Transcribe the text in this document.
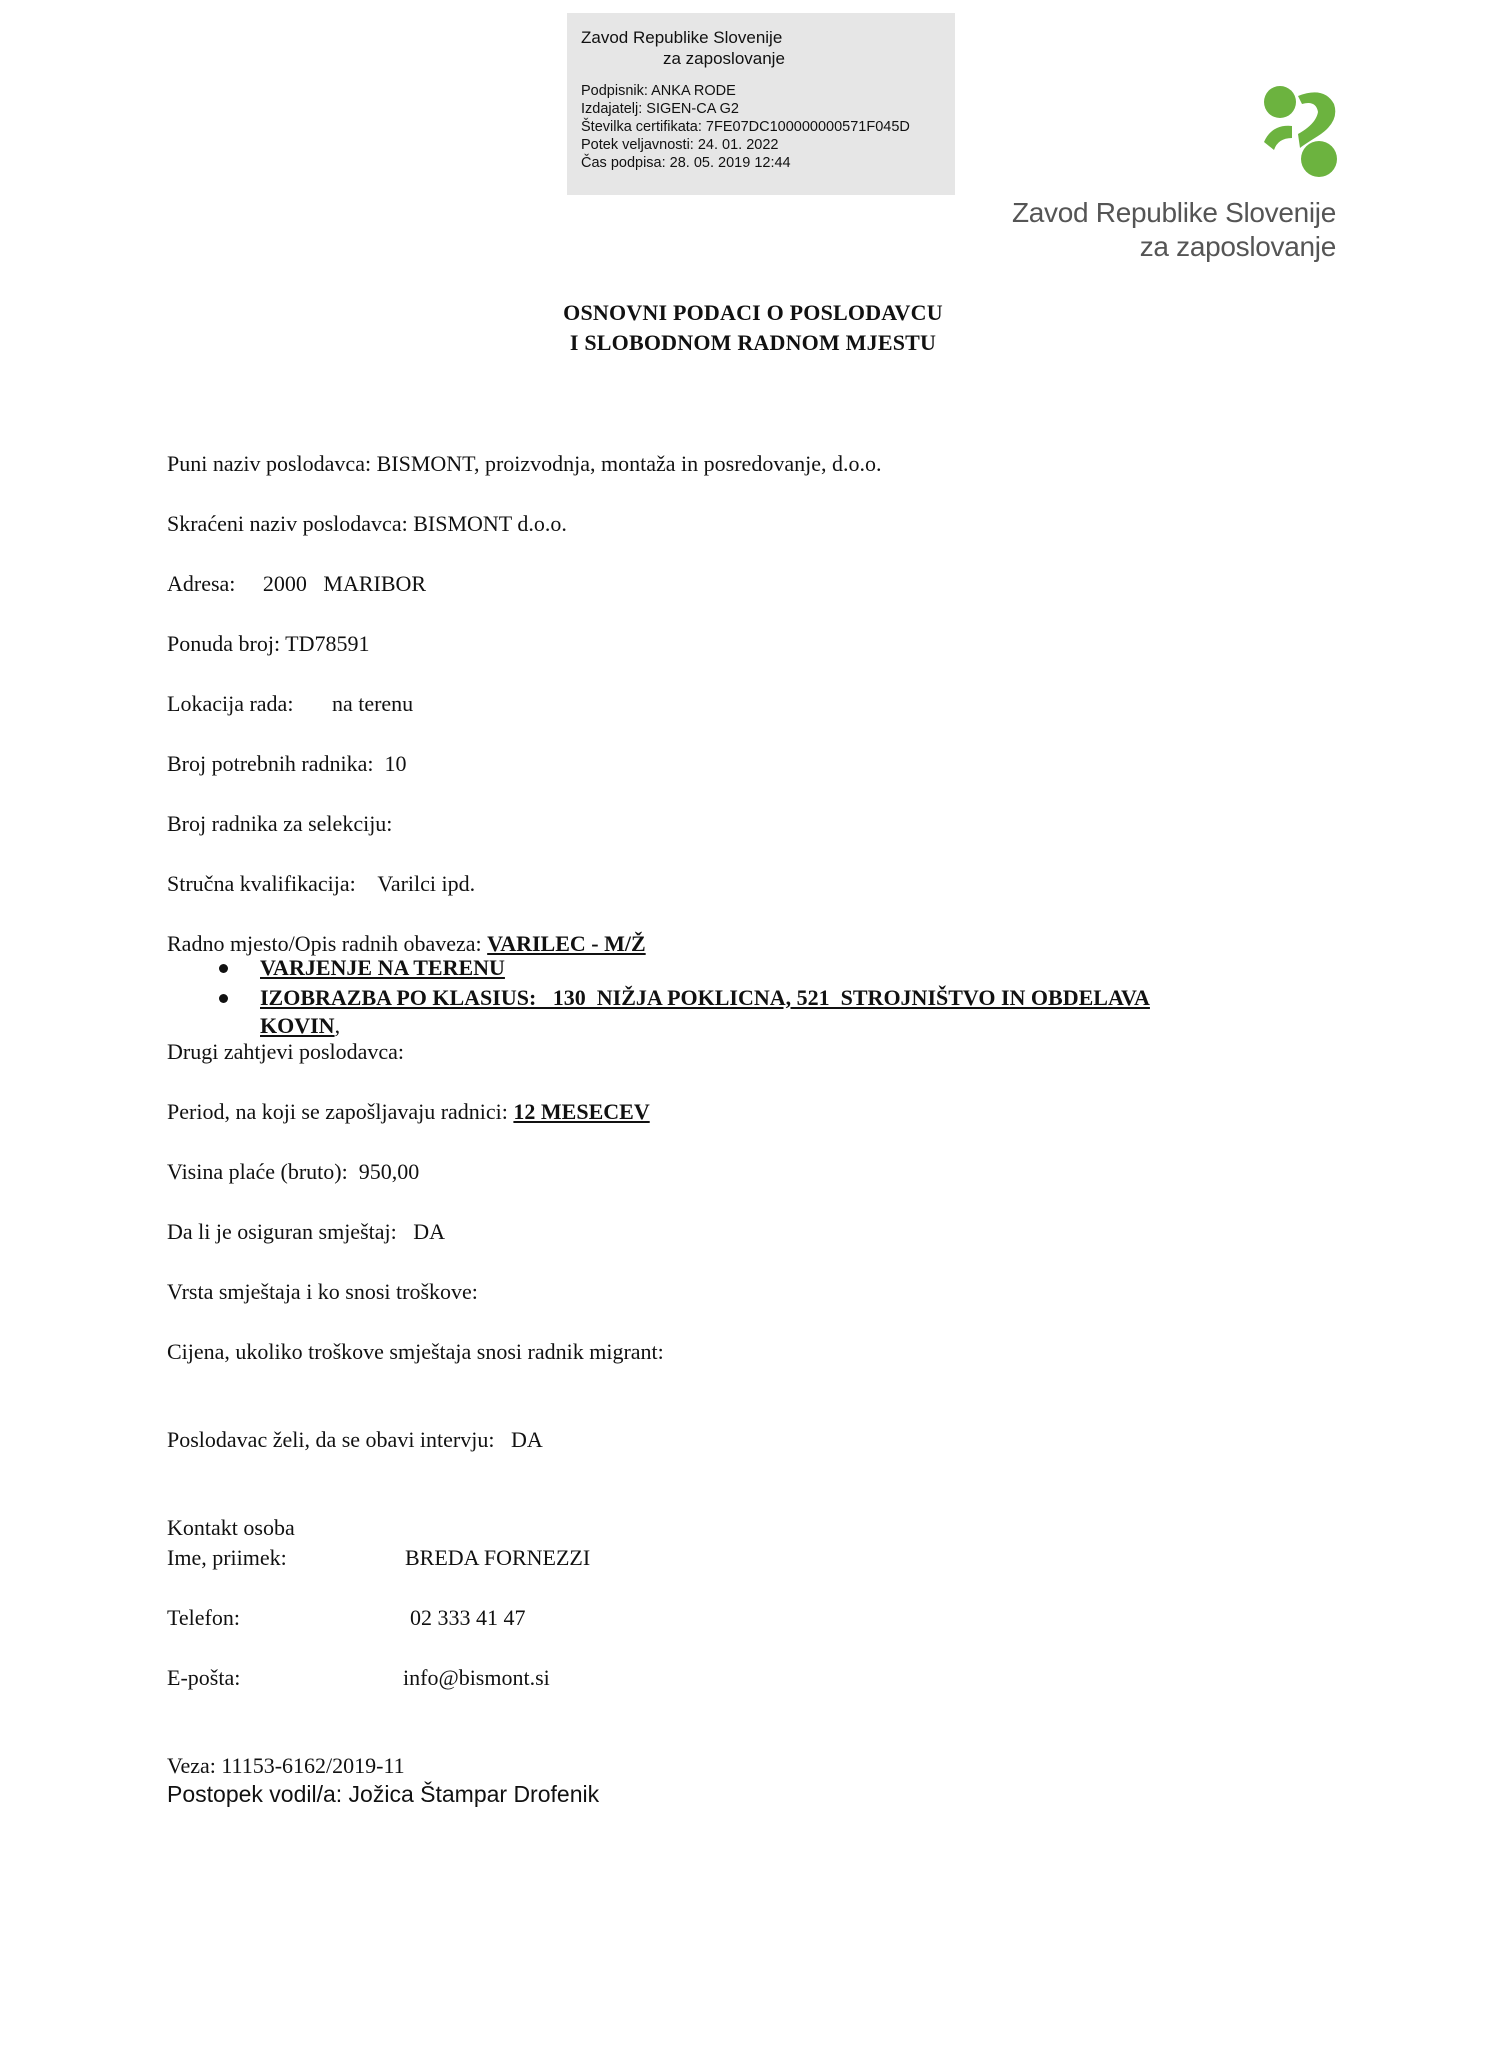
Zavod Republike Slovenije
za zaposlovanje
Podpisnik: ANKA RODE
Izdajatelj: SIGEN-CA G2
Številka certifikata: 7FE07DC100000000571F045D
Potek veljavnosti: 24. 01. 2022
Čas podpisa: 28. 05. 2019 12:44
Zavod Republike Slovenije
za zaposlovanje
OSNOVNI PODACI O POSLODAVCU
I SLOBODNOM RADNOM MJESTU
Puni naziv poslodavca: BISMONT, proizvodnja, montaža in posredovanje, d.o.o.
Skraćeni naziv poslodavca: BISMONT d.o.o.
Adresa:     2000   MARIBOR
Ponuda broj: TD78591
Lokacija rada:       na terenu
Broj potrebnih radnika:  10
Broj radnika za selekciju:
Stručna kvalifikacija:    Varilci ipd.
Radno mjesto/Opis radnih obaveza: VARILEC - M/Ž
VARJENJE NA TERENU
IZOBRAZBA PO KLASIUS:   130  NIŽJA POKLICNA, 521  STROJNIŠTVO IN OBDELAVA
KOVIN,
Drugi zahtjevi poslodavca:
Period, na koji se zapošljavaju radnici: 12 MESECEV
Visina plaće (bruto):  950,00
Da li je osiguran smještaj:   DA
Vrsta smještaja i ko snosi troškove:
Cijena, ukoliko troškove smještaja snosi radnik migrant:
Poslodavac želi, da se obavi intervju:   DA
Kontakt osoba
Ime, priimek:	BREDA FORNEZZI
Telefon:	02 333 41 47
E-pošta:	info@bismont.si
Veza: 11153-6162/2019-11
Postopek vodil/a: Jožica Štampar Drofenik
